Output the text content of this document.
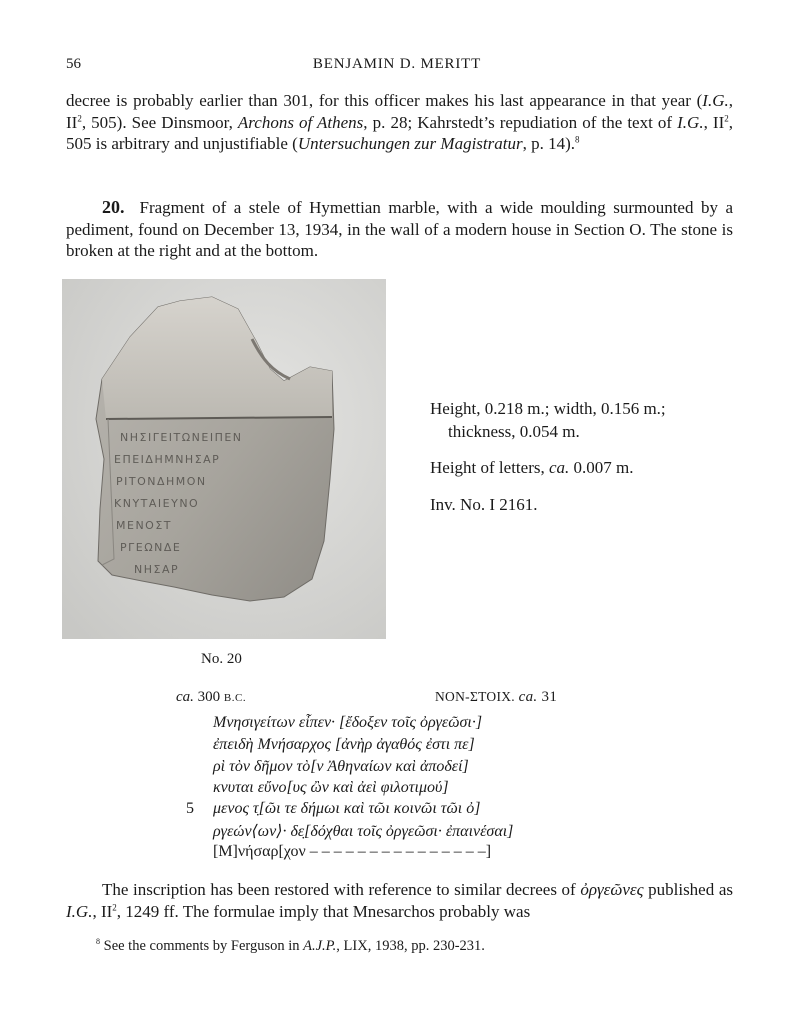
56	BENJAMIN D. MERITT

decree is probably earlier than 301, for this officer makes his last appearance in that year (I.G., $II^2$, 505). See Dinsmoor, Archons of Athens, p. 28; Kahrstedt’s repudiation of the text of I.G., $II^2$, 505 is arbitrary and unjustifiable (Untersuchungen zur Magistratur, p. 14).$^8$

20. Fragment of a stele of Hymettian marble, with a wide moulding surmounted by a pediment, found on December 13, 1934, in the wall of a modern house in Section O. The stone is broken at the right and at the bottom.

ΝΗΣΙΓΕΙΤΩΝΕΙΠΕΝ
ΕΠΕΙΔΗΜΝΗΣΑΡ
ΡΙΤΟΝΔΗΜΟΝ
ΚΝΥΤΑΙΕΥΝΟ
ΜΕΝΟΣΤ
ΡΓΕΩΝΔΕ
ΝΗΣΑΡ
No. 20
Height, 0.218 m.; width, 0.156 m.;
thickness, 0.054 m.
Height of letters, ca. 0.007 m.
Inv. No. I 2161.
ca. 300 B.C.	NON-ΣΤΟΙΧ. ca. 31
Μνησιγείτων εἶπεν· [ἔδοξεν τοῖς ὀργεῶσι·]
ἐπειδὴ Μνήσαρχος [ἀνὴρ ἀγαθός ἐστι πε]
ρὶ τὸν δῆμον τὸ[ν Ἀθηναίων καὶ ἀποδεί]
κνυται εὔνο[υς ὢν καὶ ἀεὶ φιλοτιμού]
5 μενος τ̣[ῶι τε δήμωι καὶ τῶι κοινῶι τῶι ὀ]
ργεών⟨ων⟩· δε̣[δόχθαι τοῖς ὀργεῶσι· ἐπαινέσαι]
[Μ]νήσαρ[χον – – – – – – – – – – – – – – –]

The inscription has been restored with reference to similar decrees of ὀργεῶνες published as I.G., $II^2$, 1249 ff. The formulae imply that Mnesarchos probably was

$^8$ See the comments by Ferguson in A.J.P., LIX, 1938, pp. 230-231.
